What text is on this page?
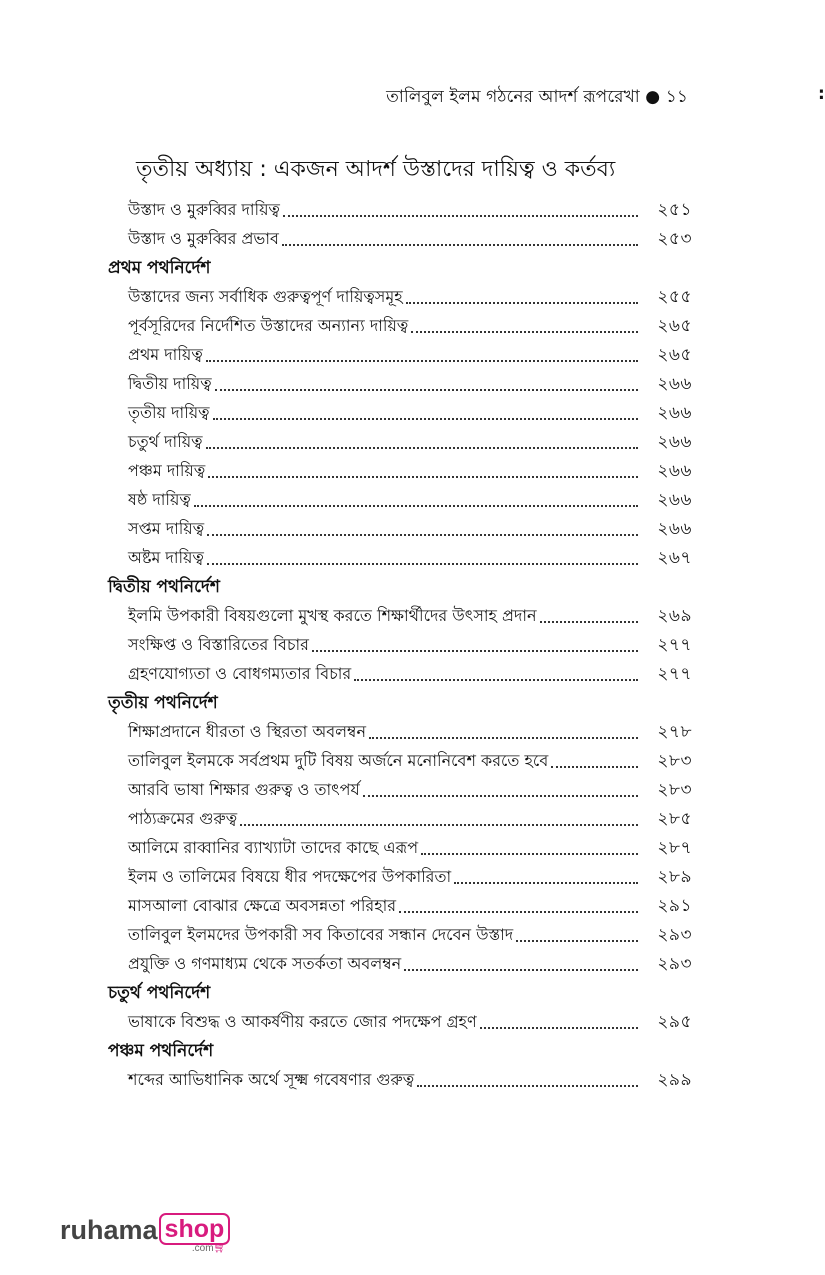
তালিবুল ইলম গঠনের আদর্শ রূপরেখা ● ১১	:
তৃতীয় অধ্যায় : একজন আদর্শ উস্তাদের দায়িত্ব ও কর্তব্য
উস্তাদ ও মুরুব্বির দায়িত্ব	২৫১
উস্তাদ ও মুরুব্বির প্রভাব	২৫৩
প্রথম পথনির্দেশ
উস্তাদের জন্য সর্বাধিক গুরুত্বপূর্ণ দায়িত্বসমূহ	২৫৫
পূর্বসূরিদের নির্দেশিত উস্তাদের অন্যান্য দায়িত্ব	২৬৫
প্রথম দায়িত্ব	২৬৫
দ্বিতীয় দায়িত্ব	২৬৬
তৃতীয় দায়িত্ব	২৬৬
চতুর্থ দায়িত্ব	২৬৬
পঞ্চম দায়িত্ব	২৬৬
ষষ্ঠ দায়িত্ব	২৬৬
সপ্তম দায়িত্ব	২৬৬
অষ্টম দায়িত্ব	২৬৭
দ্বিতীয় পথনির্দেশ
ইলমি উপকারী বিষয়গুলো মুখস্থ করতে শিক্ষার্থীদের উৎসাহ প্রদান	২৬৯
সংক্ষিপ্ত ও বিস্তারিতের বিচার	২৭৭
গ্রহণযোগ্যতা ও বোধগম্যতার বিচার	২৭৭
তৃতীয় পথনির্দেশ
শিক্ষাপ্রদানে ধীরতা ও স্থিরতা অবলম্বন	২৭৮
তালিবুল ইলমকে সর্বপ্রথম দুটি বিষয় অর্জনে মনোনিবেশ করতে হবে	২৮৩
আরবি ভাষা শিক্ষার গুরুত্ব ও তাৎপর্য	২৮৩
পাঠ্যক্রমের গুরুত্ব	২৮৫
আলিমে রাব্বানির ব্যাখ্যাটা তাদের কাছে এরূপ	২৮৭
ইলম ও তালিমের বিষয়ে ধীর পদক্ষেপের উপকারিতা	২৮৯
মাসআলা বোঝার ক্ষেত্রে অবসন্নতা পরিহার	২৯১
তালিবুল ইলমদের উপকারী সব কিতাবের সন্ধান দেবেন উস্তাদ	২৯৩
প্রযুক্তি ও গণমাধ্যম থেকে সতর্কতা অবলম্বন	২৯৩
চতুর্থ পথনির্দেশ
ভাষাকে বিশুদ্ধ ও আকর্ষণীয় করতে জোর পদক্ষেপ গ্রহণ	২৯৫
পঞ্চম পথনির্দেশ
শব্দের আভিধানিক অর্থে সূক্ষ্ম গবেষণার গুরুত্ব	২৯৯
ruhama shop
.com🛒︎
